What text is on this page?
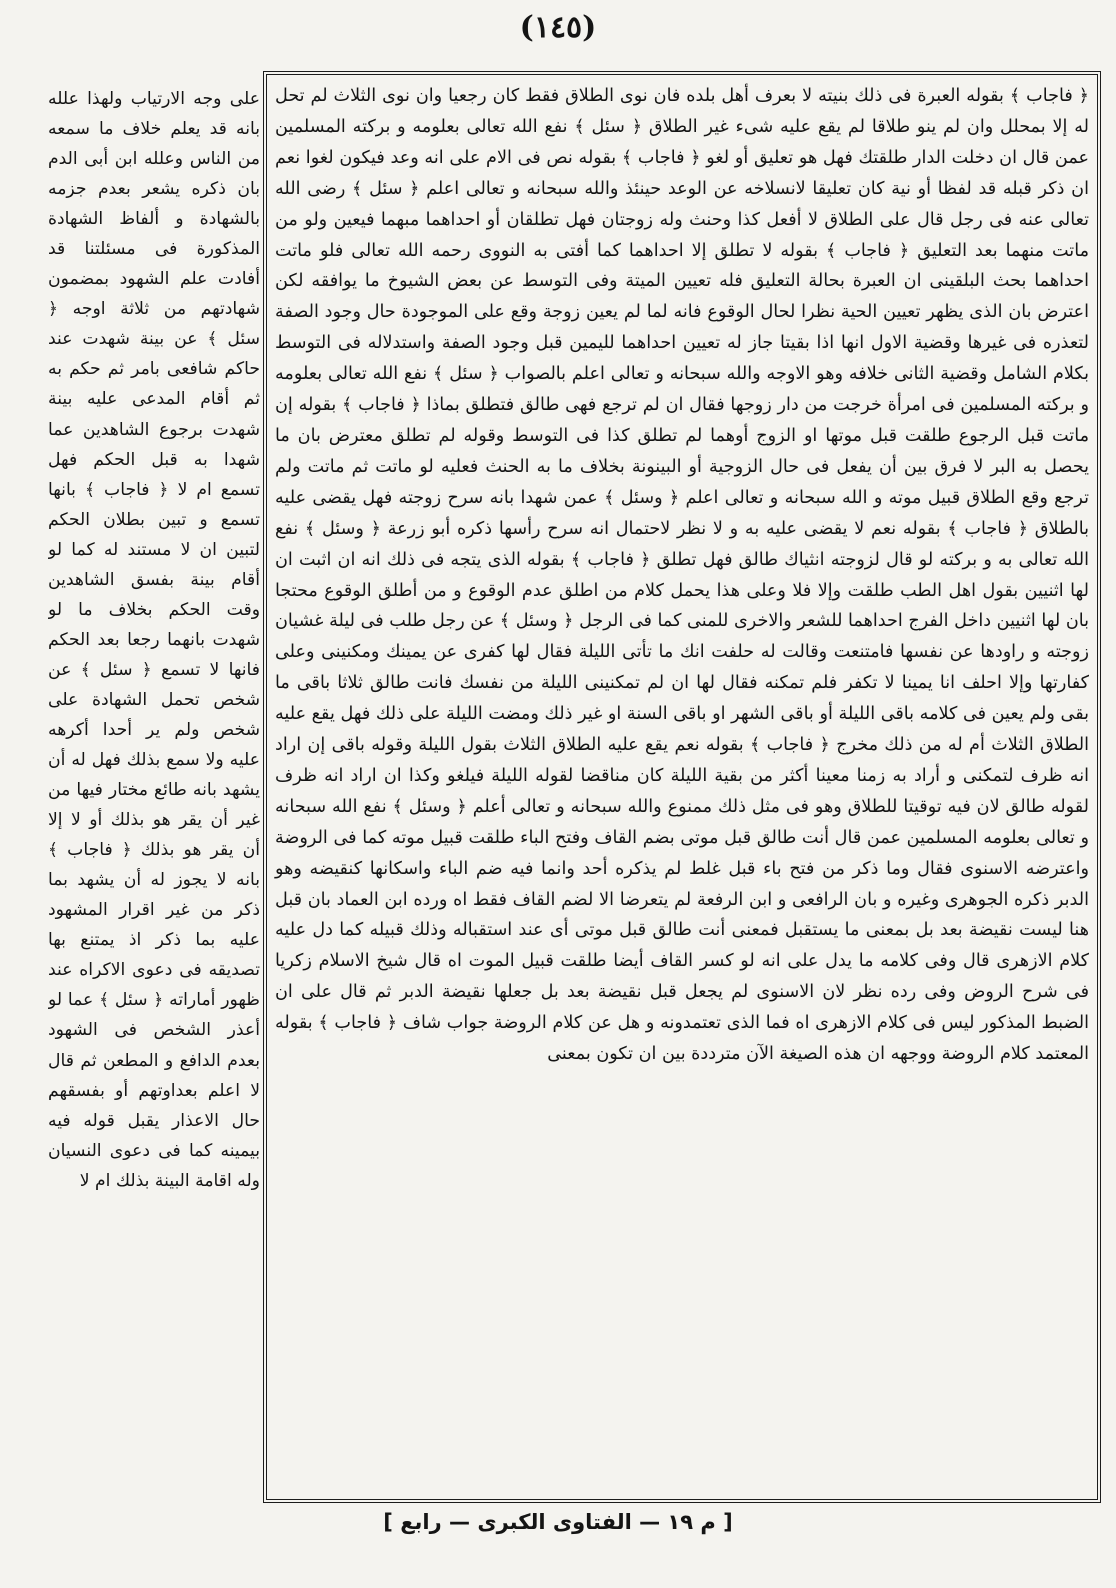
(١٤٥)
على وجه الارتياب ولهذا علله بانه قد يعلم خلاف ما سمعه من الناس وعلله ابن أبى الدم بان ذكره يشعر بعدم جزمه بالشهادة و ألفاظ الشهادة المذكورة فى مسئلتنا قد أفادت علم الشهود بمضمون شهادتهم من ثلاثة اوجه ﴿ سئل ﴾ عن بينة شهدت عند حاكم شافعى بامر ثم حكم به ثم أقام المدعى عليه بينة شهدت برجوع الشاهدين عما شهدا به قبل الحكم فهل تسمع ام لا ﴿ فاجاب ﴾ بانها تسمع و تبين بطلان الحكم لتبين ان لا مستند له كما لو أقام بينة بفسق الشاهدين وقت الحكم بخلاف ما لو شهدت بانهما رجعا بعد الحكم فانها لا تسمع ﴿ سئل ﴾ عن شخص تحمل الشهادة على شخص ولم ير أحدا أكرهه عليه ولا سمع بذلك فهل له أن يشهد بانه طائع مختار فيها من غير أن يقر هو بذلك أو لا إلا أن يقر هو بذلك ﴿ فاجاب ﴾ بانه لا يجوز له أن يشهد بما ذكر من غير اقرار المشهود عليه بما ذكر اذ يمتنع بها تصديقه فى دعوى الاكراه عند ظهور أماراته ﴿ سئل ﴾ عما لو أعذر الشخص فى الشهود بعدم الدافع و المطعن ثم قال لا اعلم بعداوتهم أو بفسقهم حال الاعذار يقبل قوله فيه بيمينه كما فى دعوى النسيان وله اقامة البينة بذلك ام لا
﴿ فاجاب ﴾ بقوله العبرة فى ذلك بنيته لا بعرف أهل بلده فان نوى الطلاق فقط كان رجعيا وان نوى الثلاث لم تحل له إلا بمحلل وان لم ينو طلاقا لم يقع عليه شىء غير الطلاق ﴿ سئل ﴾ نفع الله تعالى بعلومه و بركته المسلمين عمن قال ان دخلت الدار طلقتك فهل هو تعليق أو لغو ﴿ فاجاب ﴾ بقوله نص فى الام على انه وعد فيكون لغوا نعم ان ذكر قبله قد لفظا أو نية كان تعليقا لانسلاخه عن الوعد حينئذ والله سبحانه و تعالى اعلم ﴿ سئل ﴾ رضى الله تعالى عنه فى رجل قال على الطلاق لا أفعل كذا وحنث وله زوجتان فهل تطلقان أو احداهما مبهما فيعين ولو من ماتت منهما بعد التعليق ﴿ فاجاب ﴾ بقوله لا تطلق إلا احداهما كما أفتى به النووى رحمه الله تعالى فلو ماتت احداهما بحث البلقينى ان العبرة بحالة التعليق فله تعيين الميتة وفى التوسط عن بعض الشيوخ ما يوافقه لكن اعترض بان الذى يظهر تعيين الحية نظرا لحال الوقوع فانه لما لم يعين زوجة وقع على الموجودة حال وجود الصفة لتعذره فى غيرها وقضية الاول انها اذا بقيتا جاز له تعيين احداهما لليمين قبل وجود الصفة واستدلاله فى التوسط بكلام الشامل وقضية الثانى خلافه وهو الاوجه والله سبحانه و تعالى اعلم بالصواب ﴿ سئل ﴾ نفع الله تعالى بعلومه و بركته المسلمين فى امرأة خرجت من دار زوجها فقال ان لم ترجع فهى طالق فتطلق بماذا ﴿ فاجاب ﴾ بقوله إن ماتت قبل الرجوع طلقت قبل موتها او الزوج أوهما لم تطلق كذا فى التوسط وقوله لم تطلق معترض بان ما يحصل به البر لا فرق بين أن يفعل فى حال الزوجية أو البينونة بخلاف ما به الحنث فعليه لو ماتت ثم ماتت ولم ترجع وقع الطلاق قبيل موته و الله سبحانه و تعالى اعلم ﴿ وسئل ﴾ عمن شهدا بانه سرح زوجته فهل يقضى عليه بالطلاق ﴿ فاجاب ﴾ بقوله نعم لا يقضى عليه به و لا نظر لاحتمال انه سرح رأسها ذكره أبو زرعة ﴿ وسئل ﴾ نفع الله تعالى به و بركته لو قال لزوجته انثياك طالق فهل تطلق ﴿ فاجاب ﴾ بقوله الذى يتجه فى ذلك انه ان اثبت ان لها اثنيين بقول اهل الطب طلقت وإلا فلا وعلى هذا يحمل كلام من اطلق عدم الوقوع و من أطلق الوقوع محتجا بان لها اثنيين داخل الفرج احداهما للشعر والاخرى للمنى كما فى الرجل ﴿ وسئل ﴾ عن رجل طلب فى ليلة غشيان زوجته و راودها عن نفسها فامتنعت وقالت له حلفت انك ما تأتى الليلة فقال لها كفرى عن يمينك ومكنينى وعلى كفارتها وإلا احلف انا يمينا لا تكفر فلم تمكنه فقال لها ان لم تمكنينى الليلة من نفسك فانت طالق ثلاثا باقى ما بقى ولم يعين فى كلامه باقى الليلة أو باقى الشهر او باقى السنة او غير ذلك ومضت الليلة على ذلك فهل يقع عليه الطلاق الثلاث أم له من ذلك مخرج ﴿ فاجاب ﴾ بقوله نعم يقع عليه الطلاق الثلاث بقول الليلة وقوله باقى إن اراد انه ظرف لتمكنى و أراد به زمنا معينا أكثر من بقية الليلة كان مناقضا لقوله الليلة فيلغو وكذا ان اراد انه ظرف لقوله طالق لان فيه توقيتا للطلاق وهو فى مثل ذلك ممنوع والله سبحانه و تعالى أعلم ﴿ وسئل ﴾ نفع الله سبحانه و تعالى بعلومه المسلمين عمن قال أنت طالق قبل موتى بضم القاف وفتح الباء طلقت قبيل موته كما فى الروضة واعترضه الاسنوى فقال وما ذكر من فتح باء قبل غلط لم يذكره أحد وانما فيه ضم الباء واسكانها كنقيضه وهو الدبر ذكره الجوهرى وغيره و بان الرافعى و ابن الرفعة لم يتعرضا الا لضم القاف فقط اه ورده ابن العماد بان قبل هنا ليست نقيضة بعد بل بمعنى ما يستقبل فمعنى أنت طالق قبل موتى أى عند استقباله وذلك قبيله كما دل عليه كلام الازهرى قال وفى كلامه ما يدل على انه لو كسر القاف أيضا طلقت قبيل الموت اه قال شيخ الاسلام زكريا فى شرح الروض وفى رده نظر لان الاسنوى لم يجعل قبل نقيضة بعد بل جعلها نقيضة الدبر ثم قال على ان الضبط المذكور ليس فى كلام الازهرى اه فما الذى تعتمدونه و هل عن كلام الروضة جواب شاف ﴿ فاجاب ﴾ بقوله المعتمد كلام الروضة ووجهه ان هذه الصيغة الآن مترددة بين ان تكون بمعنى
[ م ١٩ — الفتاوى الكبرى — رابع ]
